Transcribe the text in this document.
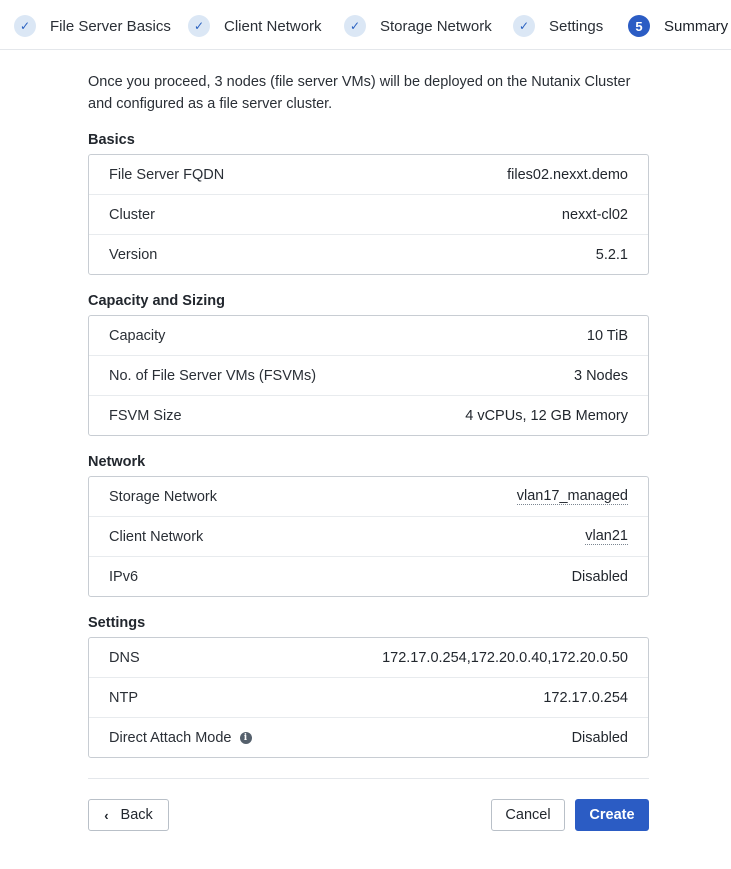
✓	File Server Basics	✓	Client Network	✓	Storage Network	✓	Settings	5	Summary
Once you proceed, 3 nodes (file server VMs) will be deployed on the Nutanix Cluster and configured as a file server cluster.
Basics
File Server FQDN	files02.nexxt.demo
Cluster	nexxt-cl02
Version	5.2.1
Capacity and Sizing
Capacity	10 TiB
No. of File Server VMs (FSVMs)	3 Nodes
FSVM Size	4 vCPUs, 12 GB Memory
Network
Storage Network	vlan17_managed
Client Network	vlan21
IPv6	Disabled
Settings
DNS	172.17.0.254,172.20.0.40,172.20.0.50
NTP	172.17.0.254
Direct Attach Mode	i	Disabled
‹ Back	Cancel	Create
